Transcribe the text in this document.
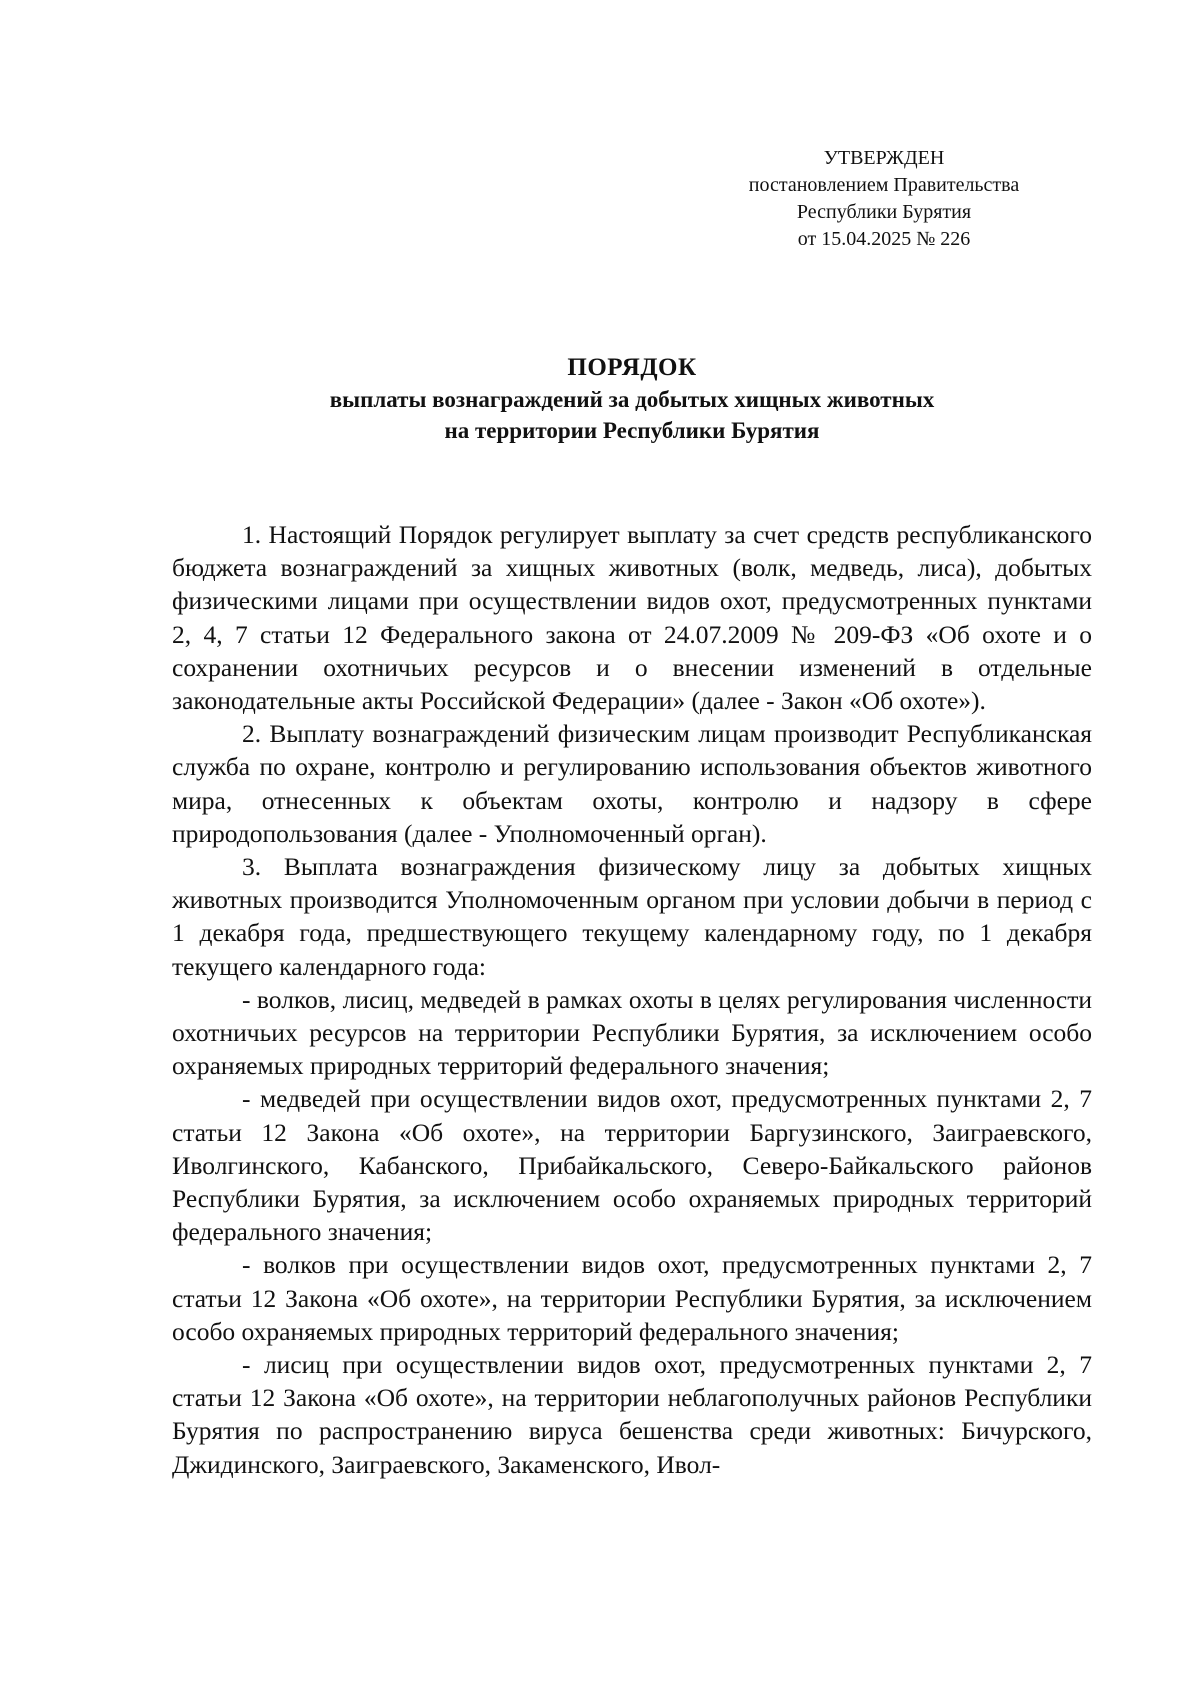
УТВЕРЖДЕН
постановлением Правительства
Республики Бурятия
от 15.04.2025 № 226
ПОРЯДОК
выплаты вознаграждений за добытых хищных животных
на территории Республики Бурятия

1. Настоящий Порядок регулирует выплату за счет средств республиканского бюджета вознаграждений за хищных животных (волк, медведь, лиса), добытых физическими лицами при осуществлении видов охот, предусмотренных пунктами 2, 4, 7 статьи 12 Федерального закона от 24.07.2009 № 209-ФЗ «Об охоте и о сохранении охотничьих ресурсов и о внесении изменений в отдельные законодательные акты Российской Федерации» (далее - Закон «Об охоте»).

2. Выплату вознаграждений физическим лицам производит Республиканская служба по охране, контролю и регулированию использования объектов животного мира, отнесенных к объектам охоты, контролю и надзору в сфере природопользования (далее - Уполномоченный орган).

3. Выплата вознаграждения физическому лицу за добытых хищных животных производится Уполномоченным органом при условии добычи в период с 1 декабря года, предшествующего текущему календарному году, по 1 декабря текущего календарного года:

- волков, лисиц, медведей в рамках охоты в целях регулирования численности охотничьих ресурсов на территории Республики Бурятия, за исключением особо охраняемых природных территорий федерального значения;

- медведей при осуществлении видов охот, предусмотренных пунктами 2, 7 статьи 12 Закона «Об охоте», на территории Баргузинского, Заиграевского, Иволгинского, Кабанского, Прибайкальского, Северо-Байкальского районов Республики Бурятия, за исключением особо охраняемых природных территорий федерального значения;

- волков при осуществлении видов охот, предусмотренных пунктами 2, 7 статьи 12 Закона «Об охоте», на территории Республики Бурятия, за исключением особо охраняемых природных территорий федерального значения;

- лисиц при осуществлении видов охот, предусмотренных пунктами 2, 7 статьи 12 Закона «Об охоте», на территории неблагополучных районов Республики Бурятия по распространению вируса бешенства среди животных: Бичурского, Джидинского, Заиграевского, Закаменского, Ивол-
